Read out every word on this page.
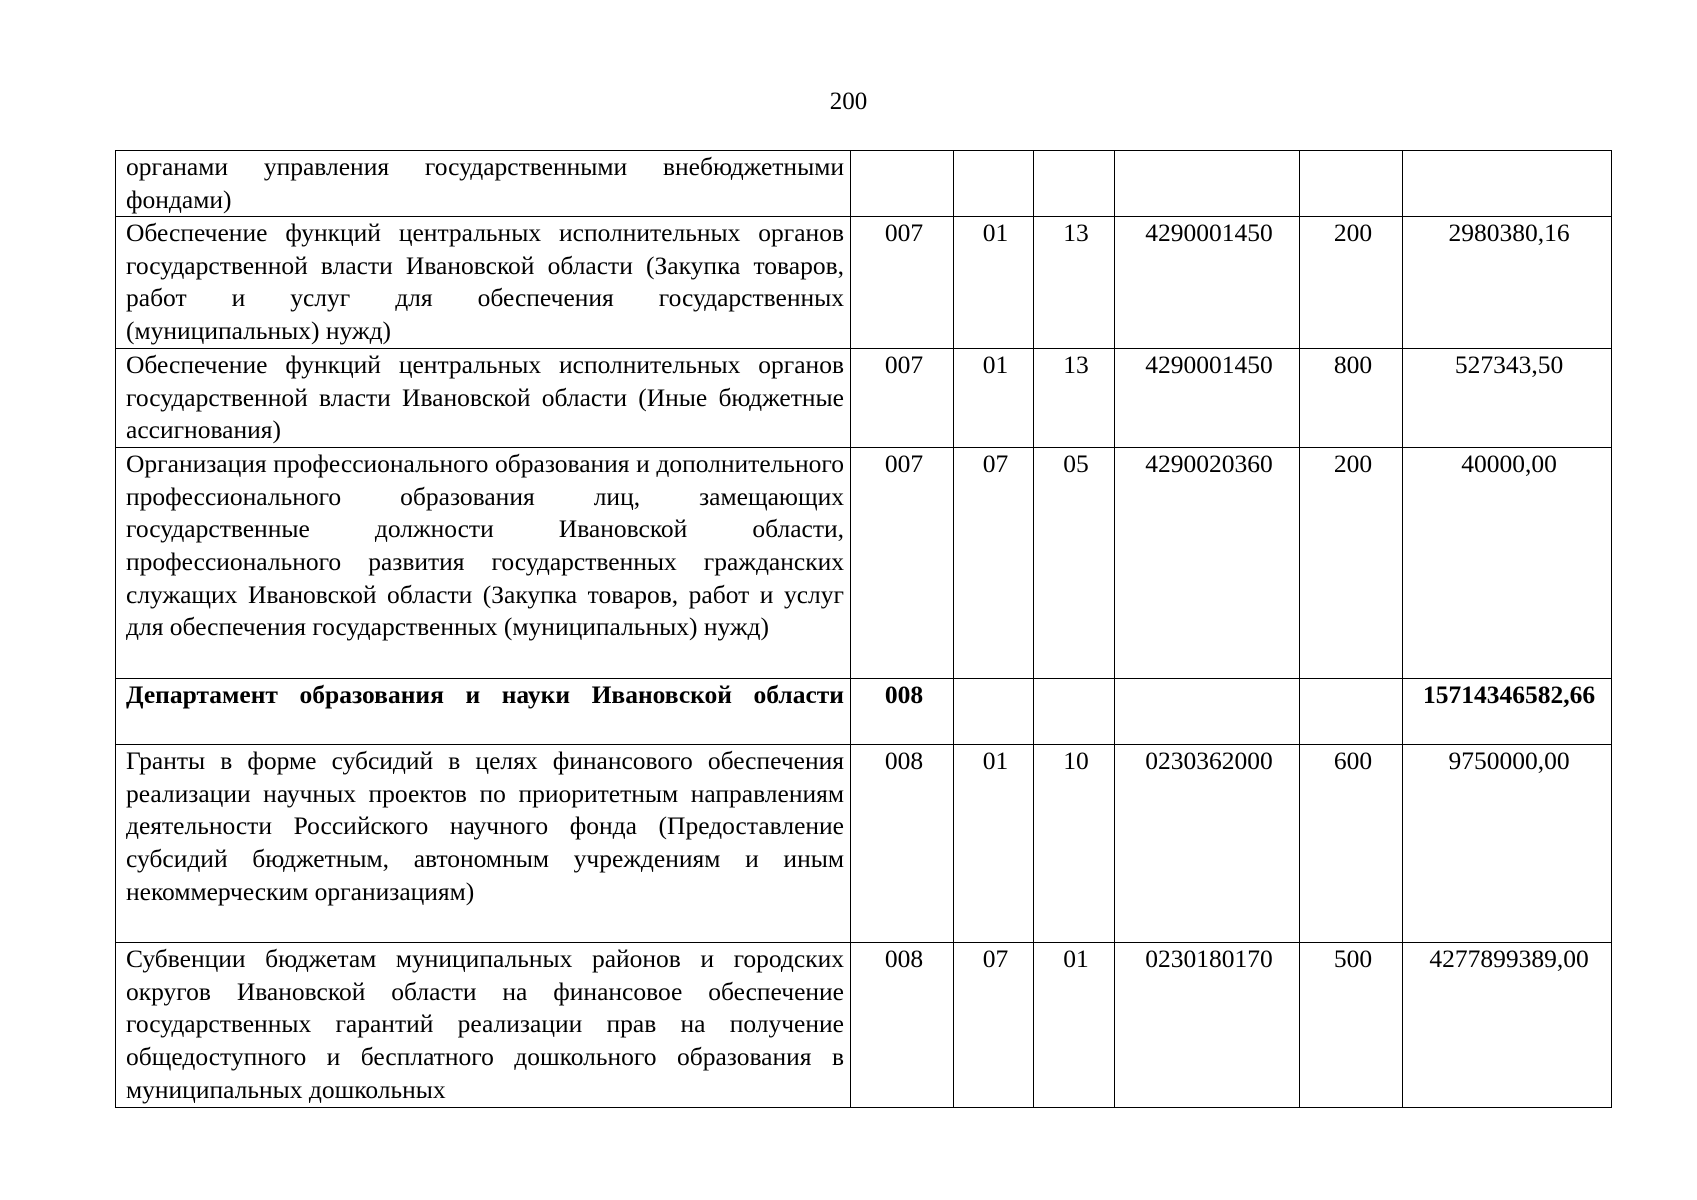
200
органами управления государственными внебюджетными фондами)						
Обеспечение функций центральных исполнительных органов государственной власти Ивановской области (Закупка товаров, работ и услуг для обеспечения государственных (муниципальных) нужд)	007	01	13	4290001450	200	2980380,16
Обеспечение функций центральных исполнительных органов государственной власти Ивановской области (Иные бюджетные ассигнования)	007	01	13	4290001450	800	527343,50
Организация профессионального образования и дополнительного профессионального образования лиц, замещающих государственные должности Ивановской области, профессионального развития государственных гражданских служащих Ивановской области (Закупка товаров, работ и услуг для обеспечения государственных (муниципальных) нужд)	007	07	05	4290020360	200	40000,00
Департамент образования и науки Ивановской области	008					15714346582,66
Гранты в форме субсидий в целях финансового обеспечения реализации научных проектов по приоритетным направлениям деятельности Российского научного фонда (Предоставление субсидий бюджетным, автономным учреждениям и иным некоммерческим организациям)	008	01	10	0230362000	600	9750000,00
Субвенции бюджетам муниципальных районов и городских округов Ивановской области на финансовое обеспечение государственных гарантий реализации прав на получение общедоступного и бесплатного дошкольного образования в муниципальных дошкольных	008	07	01	0230180170	500	4277899389,00
